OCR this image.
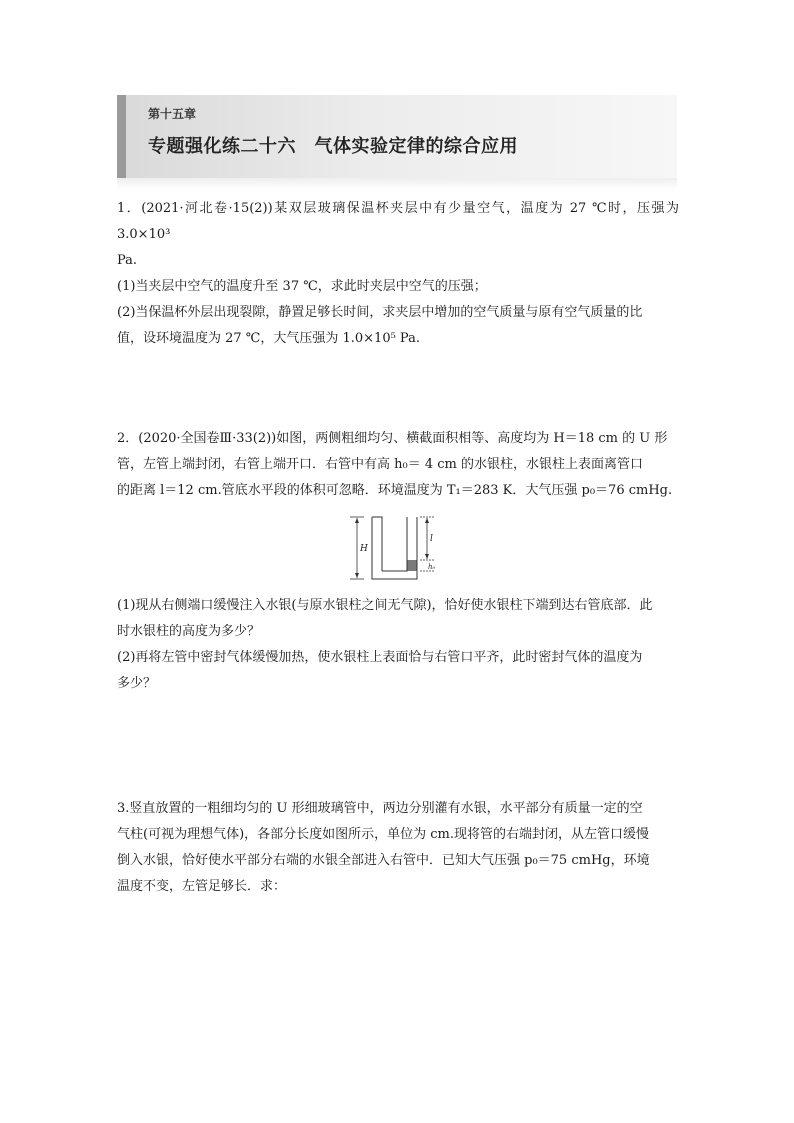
第十五章
专题强化练二十六　气体实验定律的综合应用

1．(2021·河北卷·15(2))某双层玻璃保温杯夹层中有少量空气，温度为 27 ℃时，压强为 3.0×10³

Pa.

(1)当夹层中空气的温度升至 37 ℃，求此时夹层中空气的压强；

(2)当保温杯外层出现裂隙，静置足够长时间，求夹层中增加的空气质量与原有空气质量的比

值，设环境温度为 27 ℃，大气压强为 1.0×10⁵ Pa.

2．(2020·全国卷Ⅲ·33(2))如图，两侧粗细均匀、横截面积相等、高度均为 H＝18 cm 的 U 形

管，左管上端封闭，右管上端开口．右管中有高 h₀＝ 4 cm 的水银柱，水银柱上表面离管口

的距离 l＝12 cm.管底水平段的体积可忽略．环境温度为 T₁＝283 K．大气压强 p₀＝76 cmHg.

H
l
h₀

(1)现从右侧端口缓慢注入水银(与原水银柱之间无气隙)，恰好使水银柱下端到达右管底部．此

时水银柱的高度为多少？

(2)再将左管中密封气体缓慢加热，使水银柱上表面恰与右管口平齐，此时密封气体的温度为

多少？

3.竖直放置的一粗细均匀的 U 形细玻璃管中，两边分别灌有水银，水平部分有质量一定的空

气柱(可视为理想气体)，各部分长度如图所示，单位为 cm.现将管的右端封闭，从左管口缓慢

倒入水银，恰好使水平部分右端的水银全部进入右管中．已知大气压强 p₀＝75 cmHg，环境

温度不变，左管足够长．求：
